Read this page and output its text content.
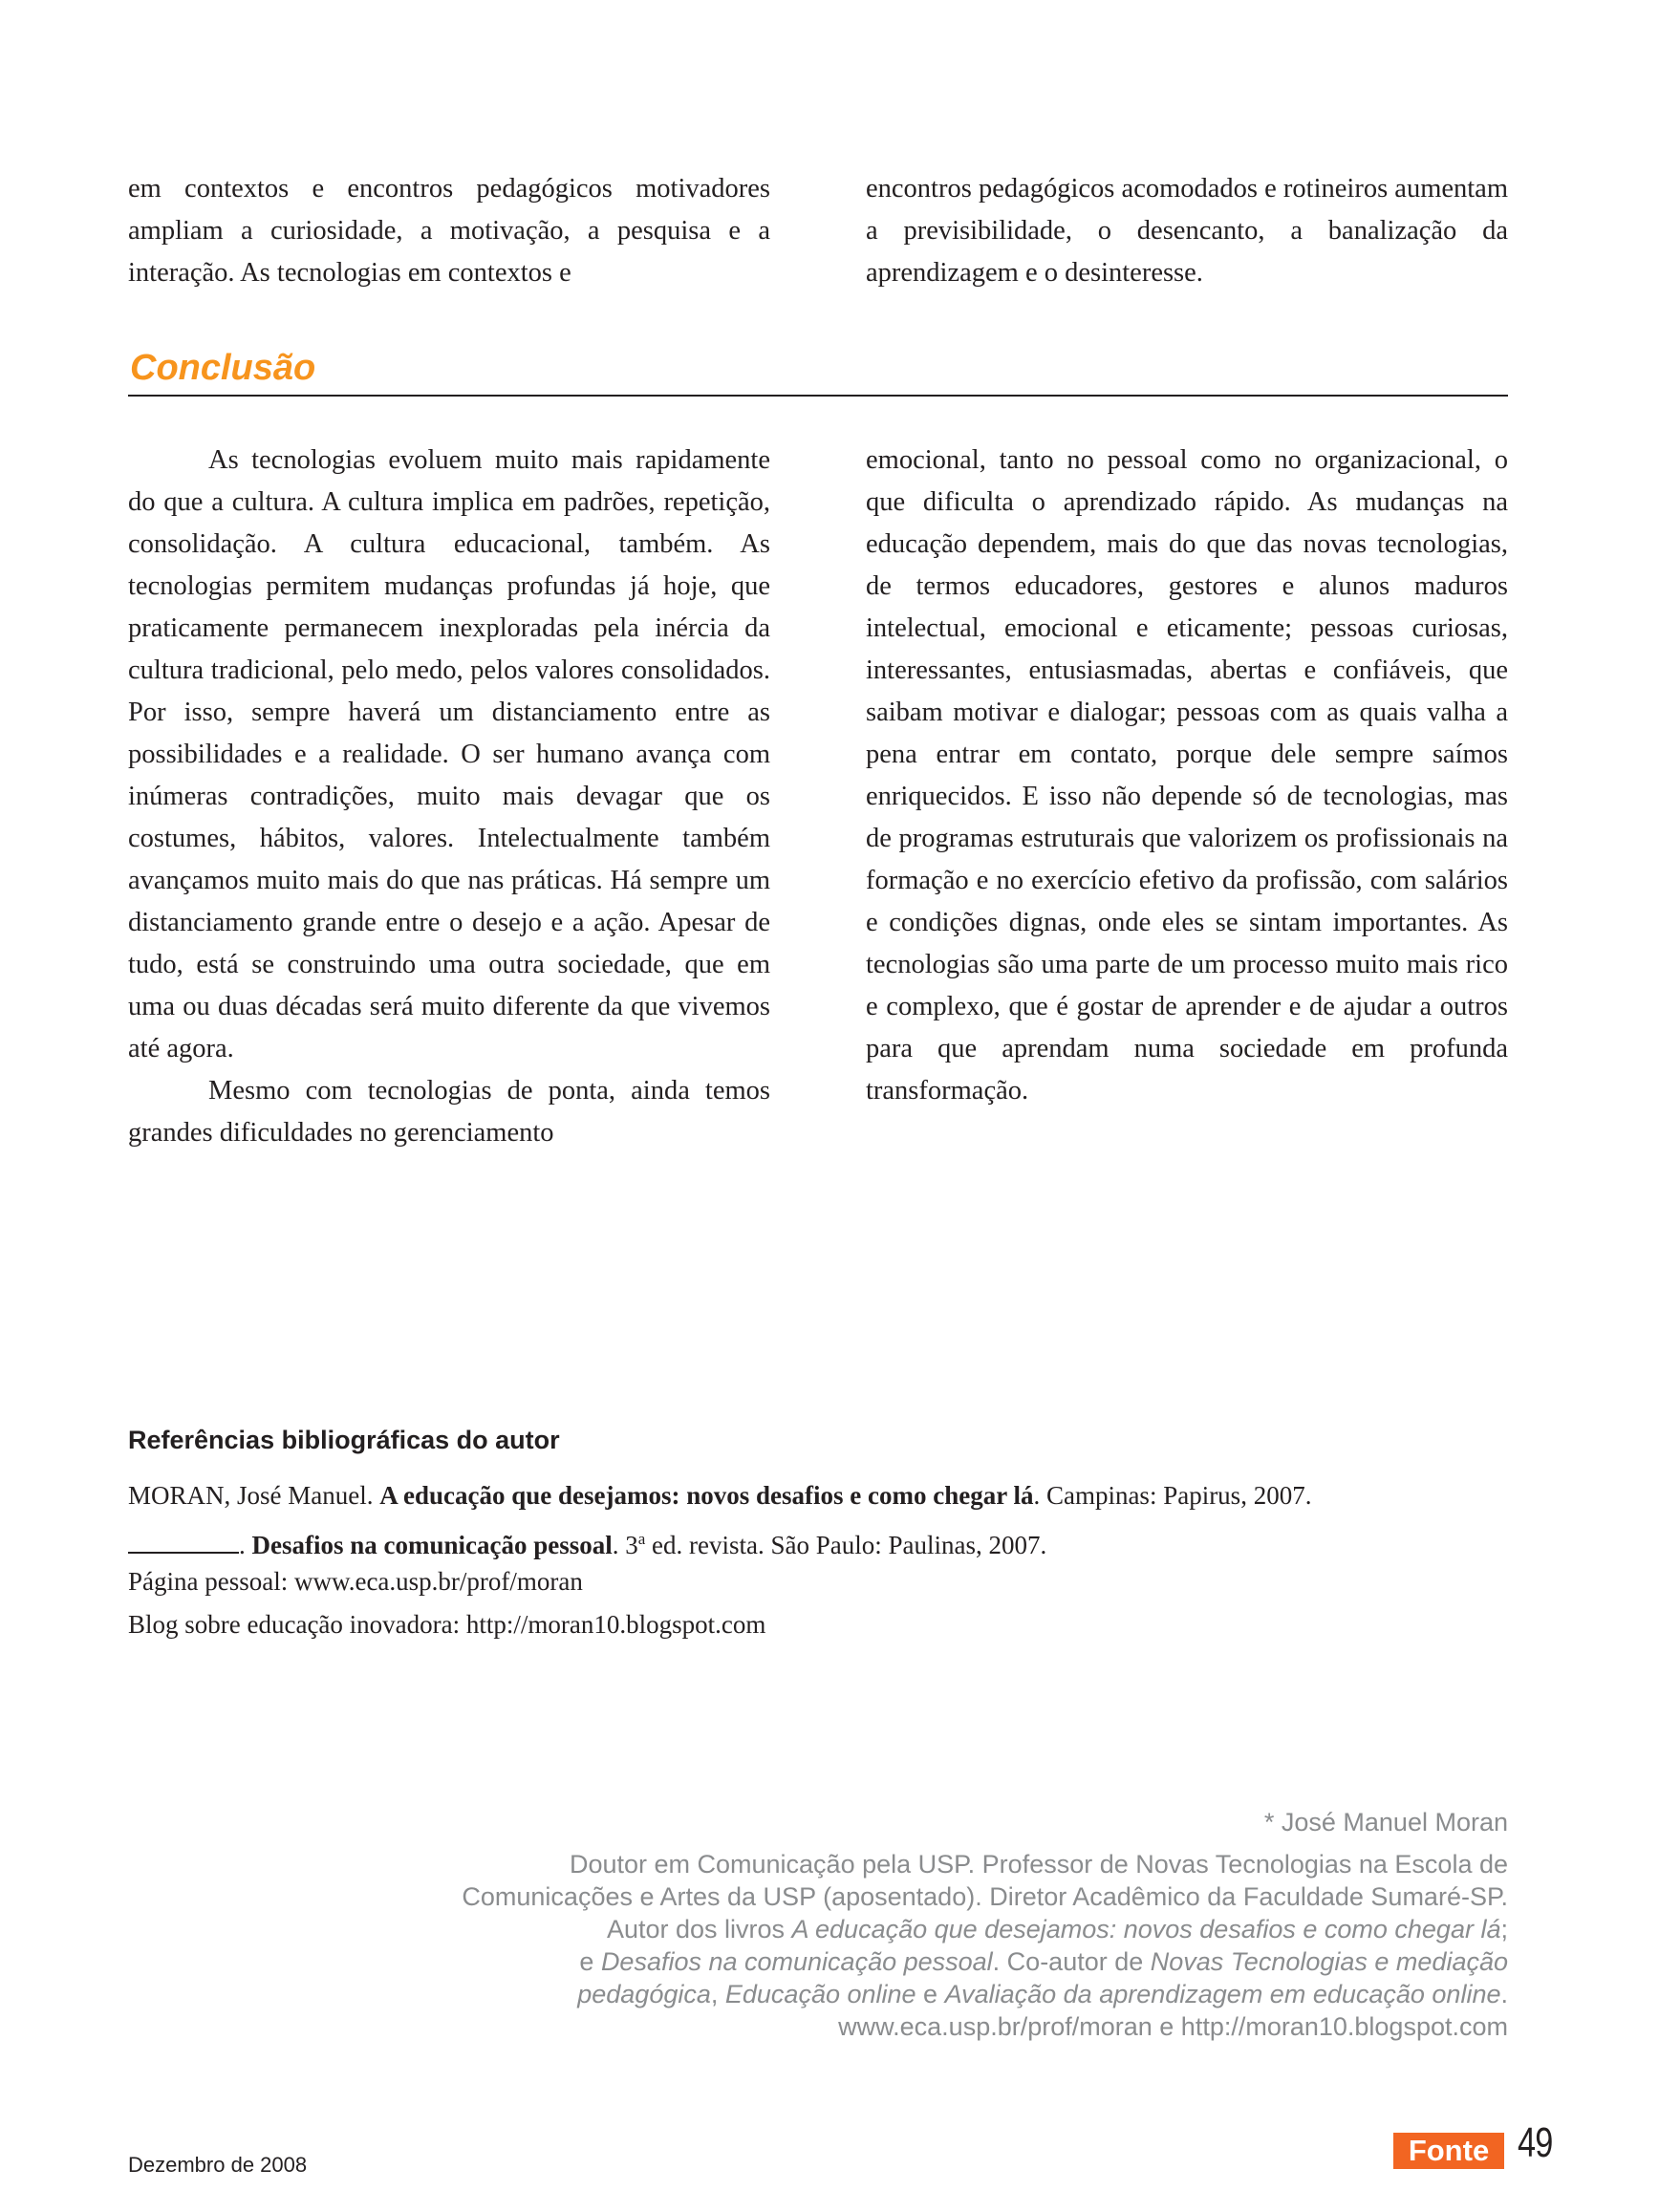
em contextos e encontros pedagógicos motivadores ampliam a curiosidade, a motivação, a pesquisa e a interação. As tecnologias em contextos e
encontros pedagógicos acomodados e rotineiros aumentam a previsibilidade, o desencanto, a banalização da aprendizagem e o desinteresse.
Conclusão

As tecnologias evoluem muito mais rapidamente do que a cultura. A cultura implica em padrões, repetição, consolidação. A cultura educacional, também. As tecnologias permitem mudanças profundas já hoje, que praticamente permanecem inexploradas pela inércia da cultura tradicional, pelo medo, pelos valores consolidados. Por isso, sempre haverá um distanciamento entre as possibilidades e a realidade. O ser humano avança com inúmeras contradições, muito mais devagar que os costumes, hábitos, valores. Intelectualmente também avançamos muito mais do que nas práticas. Há sempre um distanciamento grande entre o desejo e a ação. Apesar de tudo, está se construindo uma outra sociedade, que em uma ou duas décadas será muito diferente da que vivemos até agora.

Mesmo com tecnologias de ponta, ainda temos grandes dificuldades no gerenciamento

emocional, tanto no pessoal como no organizacional, o que dificulta o aprendizado rápido. As mudanças na educação dependem, mais do que das novas tecnologias, de termos educadores, gestores e alunos maduros intelectual, emocional e eticamente; pessoas curiosas, interessantes, entusiasmadas, abertas e confiáveis, que saibam motivar e dialogar; pessoas com as quais valha a pena entrar em contato, porque dele sempre saímos enriquecidos. E isso não depende só de tecnologias, mas de programas estruturais que valorizem os profissionais na formação e no exercício efetivo da profissão, com salários e condições dignas, onde eles se sintam importantes. As tecnologias são uma parte de um processo muito mais rico e complexo, que é gostar de aprender e de ajudar a outros para que aprendam numa sociedade em profunda transformação.

Referências bibliográficas do autor
MORAN, José Manuel. A educação que desejamos: novos desafios e como chegar lá. Campinas: Papirus, 2007.
. Desafios na comunicação pessoal. 3$^a$ ed. revista. São Paulo: Paulinas, 2007.
Página pessoal: www.eca.usp.br/prof/moran
Blog sobre educação inovadora: http://moran10.blogspot.com

* José Manuel Moran

Doutor em Comunicação pela USP. Professor de Novas Tecnologias na Escola de

Comunicações e Artes da USP (aposentado). Diretor Acadêmico da Faculdade Sumaré-SP.

Autor dos livros A educação que desejamos: novos desafios e como chegar lá;

e Desafios na comunicação pessoal. Co-autor de Novas Tecnologias e mediação

pedagógica, Educação online e Avaliação da aprendizagem em educação online.

www.eca.usp.br/prof/moran e http://moran10.blogspot.com

Dezembro de 2008	Fonte 49
